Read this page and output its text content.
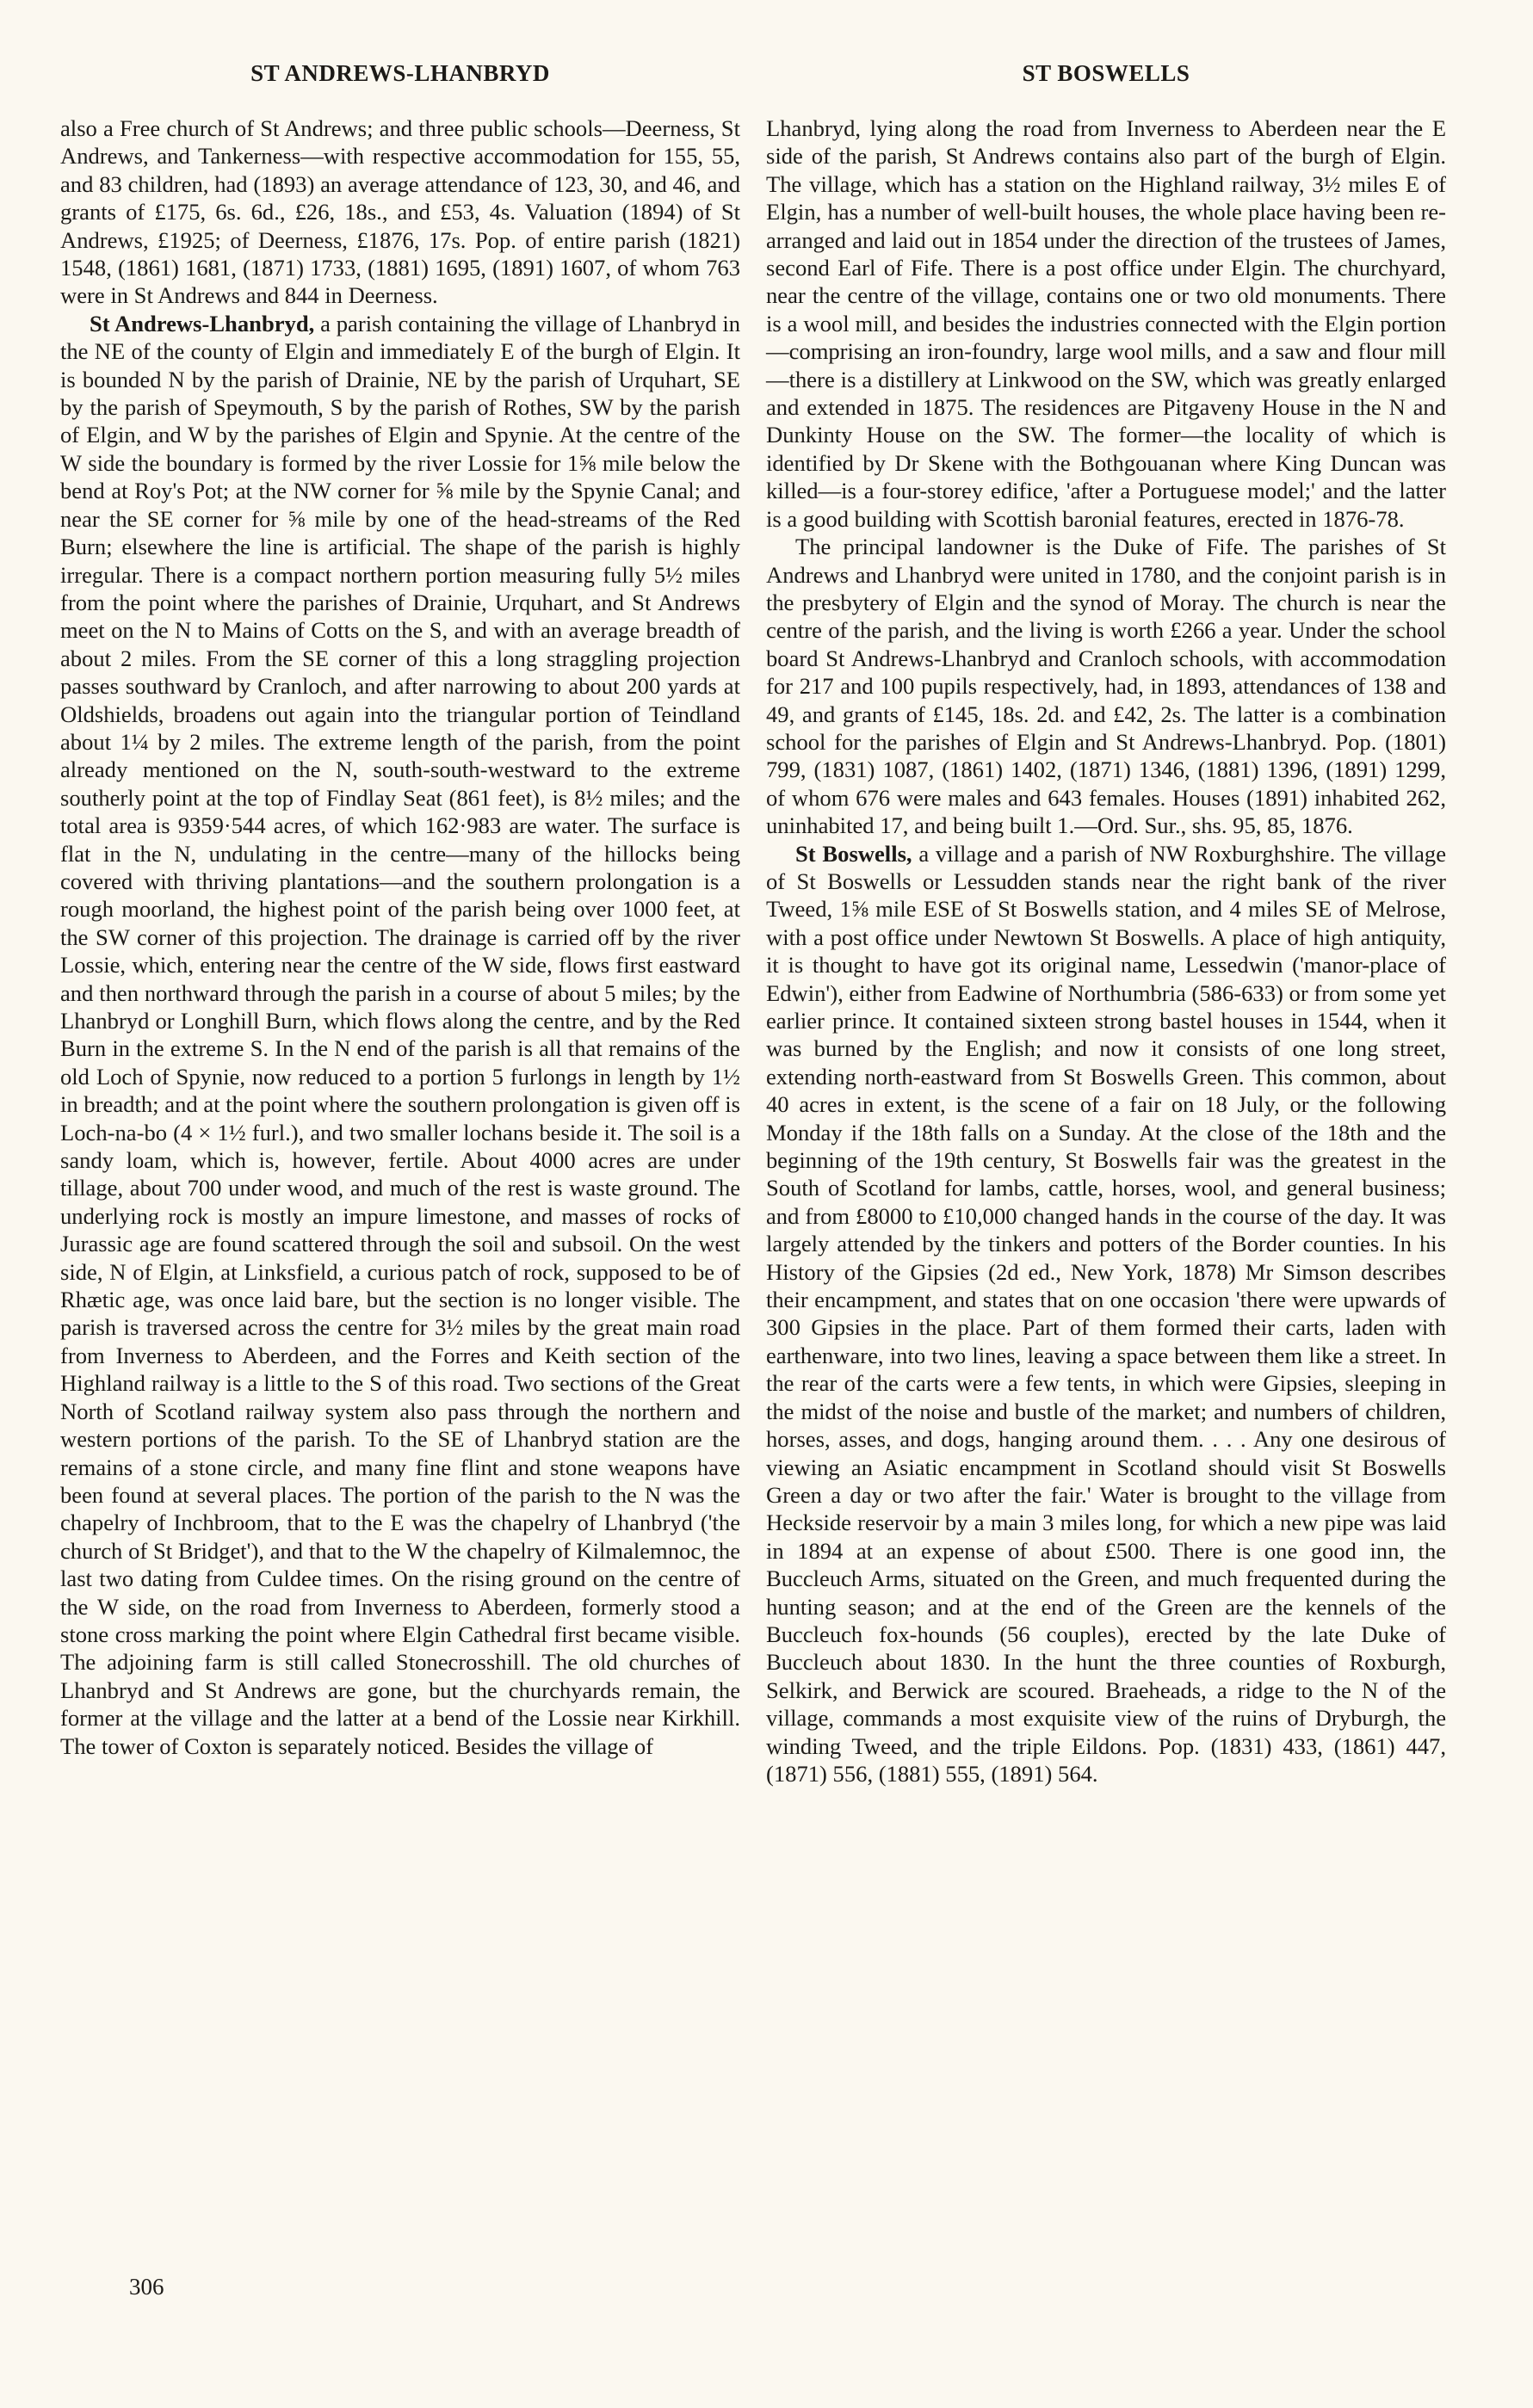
ST ANDREWS-LHANBRYD	ST BOSWELLS

also a Free church of St Andrews; and three public schools—Deerness, St Andrews, and Tankerness—with respective accommodation for 155, 55, and 83 children, had (1893) an average attendance of 123, 30, and 46, and grants of £175, 6s. 6d., £26, 18s., and £53, 4s. Valuation (1894) of St Andrews, £1925; of Deerness, £1876, 17s. Pop. of entire parish (1821) 1548, (1861) 1681, (1871) 1733, (1881) 1695, (1891) 1607, of whom 763 were in St Andrews and 844 in Deerness.

St Andrews-Lhanbryd, a parish containing the village of Lhanbryd in the NE of the county of Elgin and immediately E of the burgh of Elgin. It is bounded N by the parish of Drainie, NE by the parish of Urquhart, SE by the parish of Speymouth, S by the parish of Rothes, SW by the parish of Elgin, and W by the parishes of Elgin and Spynie. At the centre of the W side the boundary is formed by the river Lossie for 1⅝ mile below the bend at Roy's Pot; at the NW corner for ⅝ mile by the Spynie Canal; and near the SE corner for ⅝ mile by one of the head-streams of the Red Burn; elsewhere the line is artificial. The shape of the parish is highly irregular. There is a compact northern portion measuring fully 5½ miles from the point where the parishes of Drainie, Urquhart, and St Andrews meet on the N to Mains of Cotts on the S, and with an average breadth of about 2 miles. From the SE corner of this a long straggling projection passes southward by Cranloch, and after narrowing to about 200 yards at Oldshields, broadens out again into the triangular portion of Teindland about 1¼ by 2 miles. The extreme length of the parish, from the point already mentioned on the N, south-south-westward to the extreme southerly point at the top of Findlay Seat (861 feet), is 8½ miles; and the total area is 9359·544 acres, of which 162·983 are water. The surface is flat in the N, undulating in the centre—many of the hillocks being covered with thriving plantations—and the southern prolongation is a rough moorland, the highest point of the parish being over 1000 feet, at the SW corner of this projection. The drainage is carried off by the river Lossie, which, entering near the centre of the W side, flows first eastward and then northward through the parish in a course of about 5 miles; by the Lhanbryd or Longhill Burn, which flows along the centre, and by the Red Burn in the extreme S. In the N end of the parish is all that remains of the old Loch of Spynie, now reduced to a portion 5 furlongs in length by 1½ in breadth; and at the point where the southern prolongation is given off is Loch-na-bo (4 × 1½ furl.), and two smaller lochans beside it. The soil is a sandy loam, which is, however, fertile. About 4000 acres are under tillage, about 700 under wood, and much of the rest is waste ground. The underlying rock is mostly an impure limestone, and masses of rocks of Jurassic age are found scattered through the soil and subsoil. On the west side, N of Elgin, at Linksfield, a curious patch of rock, supposed to be of Rhætic age, was once laid bare, but the section is no longer visible. The parish is traversed across the centre for 3½ miles by the great main road from Inverness to Aberdeen, and the Forres and Keith section of the Highland railway is a little to the S of this road. Two sections of the Great North of Scotland railway system also pass through the northern and western portions of the parish. To the SE of Lhanbryd station are the remains of a stone circle, and many fine flint and stone weapons have been found at several places. The portion of the parish to the N was the chapelry of Inchbroom, that to the E was the chapelry of Lhanbryd ('the church of St Bridget'), and that to the W the chapelry of Kilmalemnoc, the last two dating from Culdee times. On the rising ground on the centre of the W side, on the road from Inverness to Aberdeen, formerly stood a stone cross marking the point where Elgin Cathedral first became visible. The adjoining farm is still called Stonecrosshill. The old churches of Lhanbryd and St Andrews are gone, but the churchyards remain, the former at the village and the latter at a bend of the Lossie near Kirkhill. The tower of Coxton is separately noticed. Besides the village of

Lhanbryd, lying along the road from Inverness to Aberdeen near the E side of the parish, St Andrews contains also part of the burgh of Elgin. The village, which has a station on the Highland railway, 3½ miles E of Elgin, has a number of well-built houses, the whole place having been re-arranged and laid out in 1854 under the direction of the trustees of James, second Earl of Fife. There is a post office under Elgin. The churchyard, near the centre of the village, contains one or two old monuments. There is a wool mill, and besides the industries connected with the Elgin portion—comprising an iron-foundry, large wool mills, and a saw and flour mill—there is a distillery at Linkwood on the SW, which was greatly enlarged and extended in 1875. The residences are Pitgaveny House in the N and Dunkinty House on the SW. The former—the locality of which is identified by Dr Skene with the Bothgouanan where King Duncan was killed—is a four-storey edifice, 'after a Portuguese model;' and the latter is a good building with Scottish baronial features, erected in 1876-78.

The principal landowner is the Duke of Fife. The parishes of St Andrews and Lhanbryd were united in 1780, and the conjoint parish is in the presbytery of Elgin and the synod of Moray. The church is near the centre of the parish, and the living is worth £266 a year. Under the school board St Andrews-Lhanbryd and Cranloch schools, with accommodation for 217 and 100 pupils respectively, had, in 1893, attendances of 138 and 49, and grants of £145, 18s. 2d. and £42, 2s. The latter is a combination school for the parishes of Elgin and St Andrews-Lhanbryd. Pop. (1801) 799, (1831) 1087, (1861) 1402, (1871) 1346, (1881) 1396, (1891) 1299, of whom 676 were males and 643 females. Houses (1891) inhabited 262, uninhabited 17, and being built 1.—Ord. Sur., shs. 95, 85, 1876.

St Boswells, a village and a parish of NW Roxburghshire. The village of St Boswells or Lessudden stands near the right bank of the river Tweed, 1⅝ mile ESE of St Boswells station, and 4 miles SE of Melrose, with a post office under Newtown St Boswells. A place of high antiquity, it is thought to have got its original name, Lessedwin ('manor-place of Edwin'), either from Eadwine of Northumbria (586-633) or from some yet earlier prince. It contained sixteen strong bastel houses in 1544, when it was burned by the English; and now it consists of one long street, extending north-eastward from St Boswells Green. This common, about 40 acres in extent, is the scene of a fair on 18 July, or the following Monday if the 18th falls on a Sunday. At the close of the 18th and the beginning of the 19th century, St Boswells fair was the greatest in the South of Scotland for lambs, cattle, horses, wool, and general business; and from £8000 to £10,000 changed hands in the course of the day. It was largely attended by the tinkers and potters of the Border counties. In his History of the Gipsies (2d ed., New York, 1878) Mr Simson describes their encampment, and states that on one occasion 'there were upwards of 300 Gipsies in the place. Part of them formed their carts, laden with earthenware, into two lines, leaving a space between them like a street. In the rear of the carts were a few tents, in which were Gipsies, sleeping in the midst of the noise and bustle of the market; and numbers of children, horses, asses, and dogs, hanging around them. . . . Any one desirous of viewing an Asiatic encampment in Scotland should visit St Boswells Green a day or two after the fair.' Water is brought to the village from Heckside reservoir by a main 3 miles long, for which a new pipe was laid in 1894 at an expense of about £500. There is one good inn, the Buccleuch Arms, situated on the Green, and much frequented during the hunting season; and at the end of the Green are the kennels of the Buccleuch fox-hounds (56 couples), erected by the late Duke of Buccleuch about 1830. In the hunt the three counties of Roxburgh, Selkirk, and Berwick are scoured. Braeheads, a ridge to the N of the village, commands a most exquisite view of the ruins of Dryburgh, the winding Tweed, and the triple Eildons. Pop. (1831) 433, (1861) 447, (1871) 556, (1881) 555, (1891) 564.

306
